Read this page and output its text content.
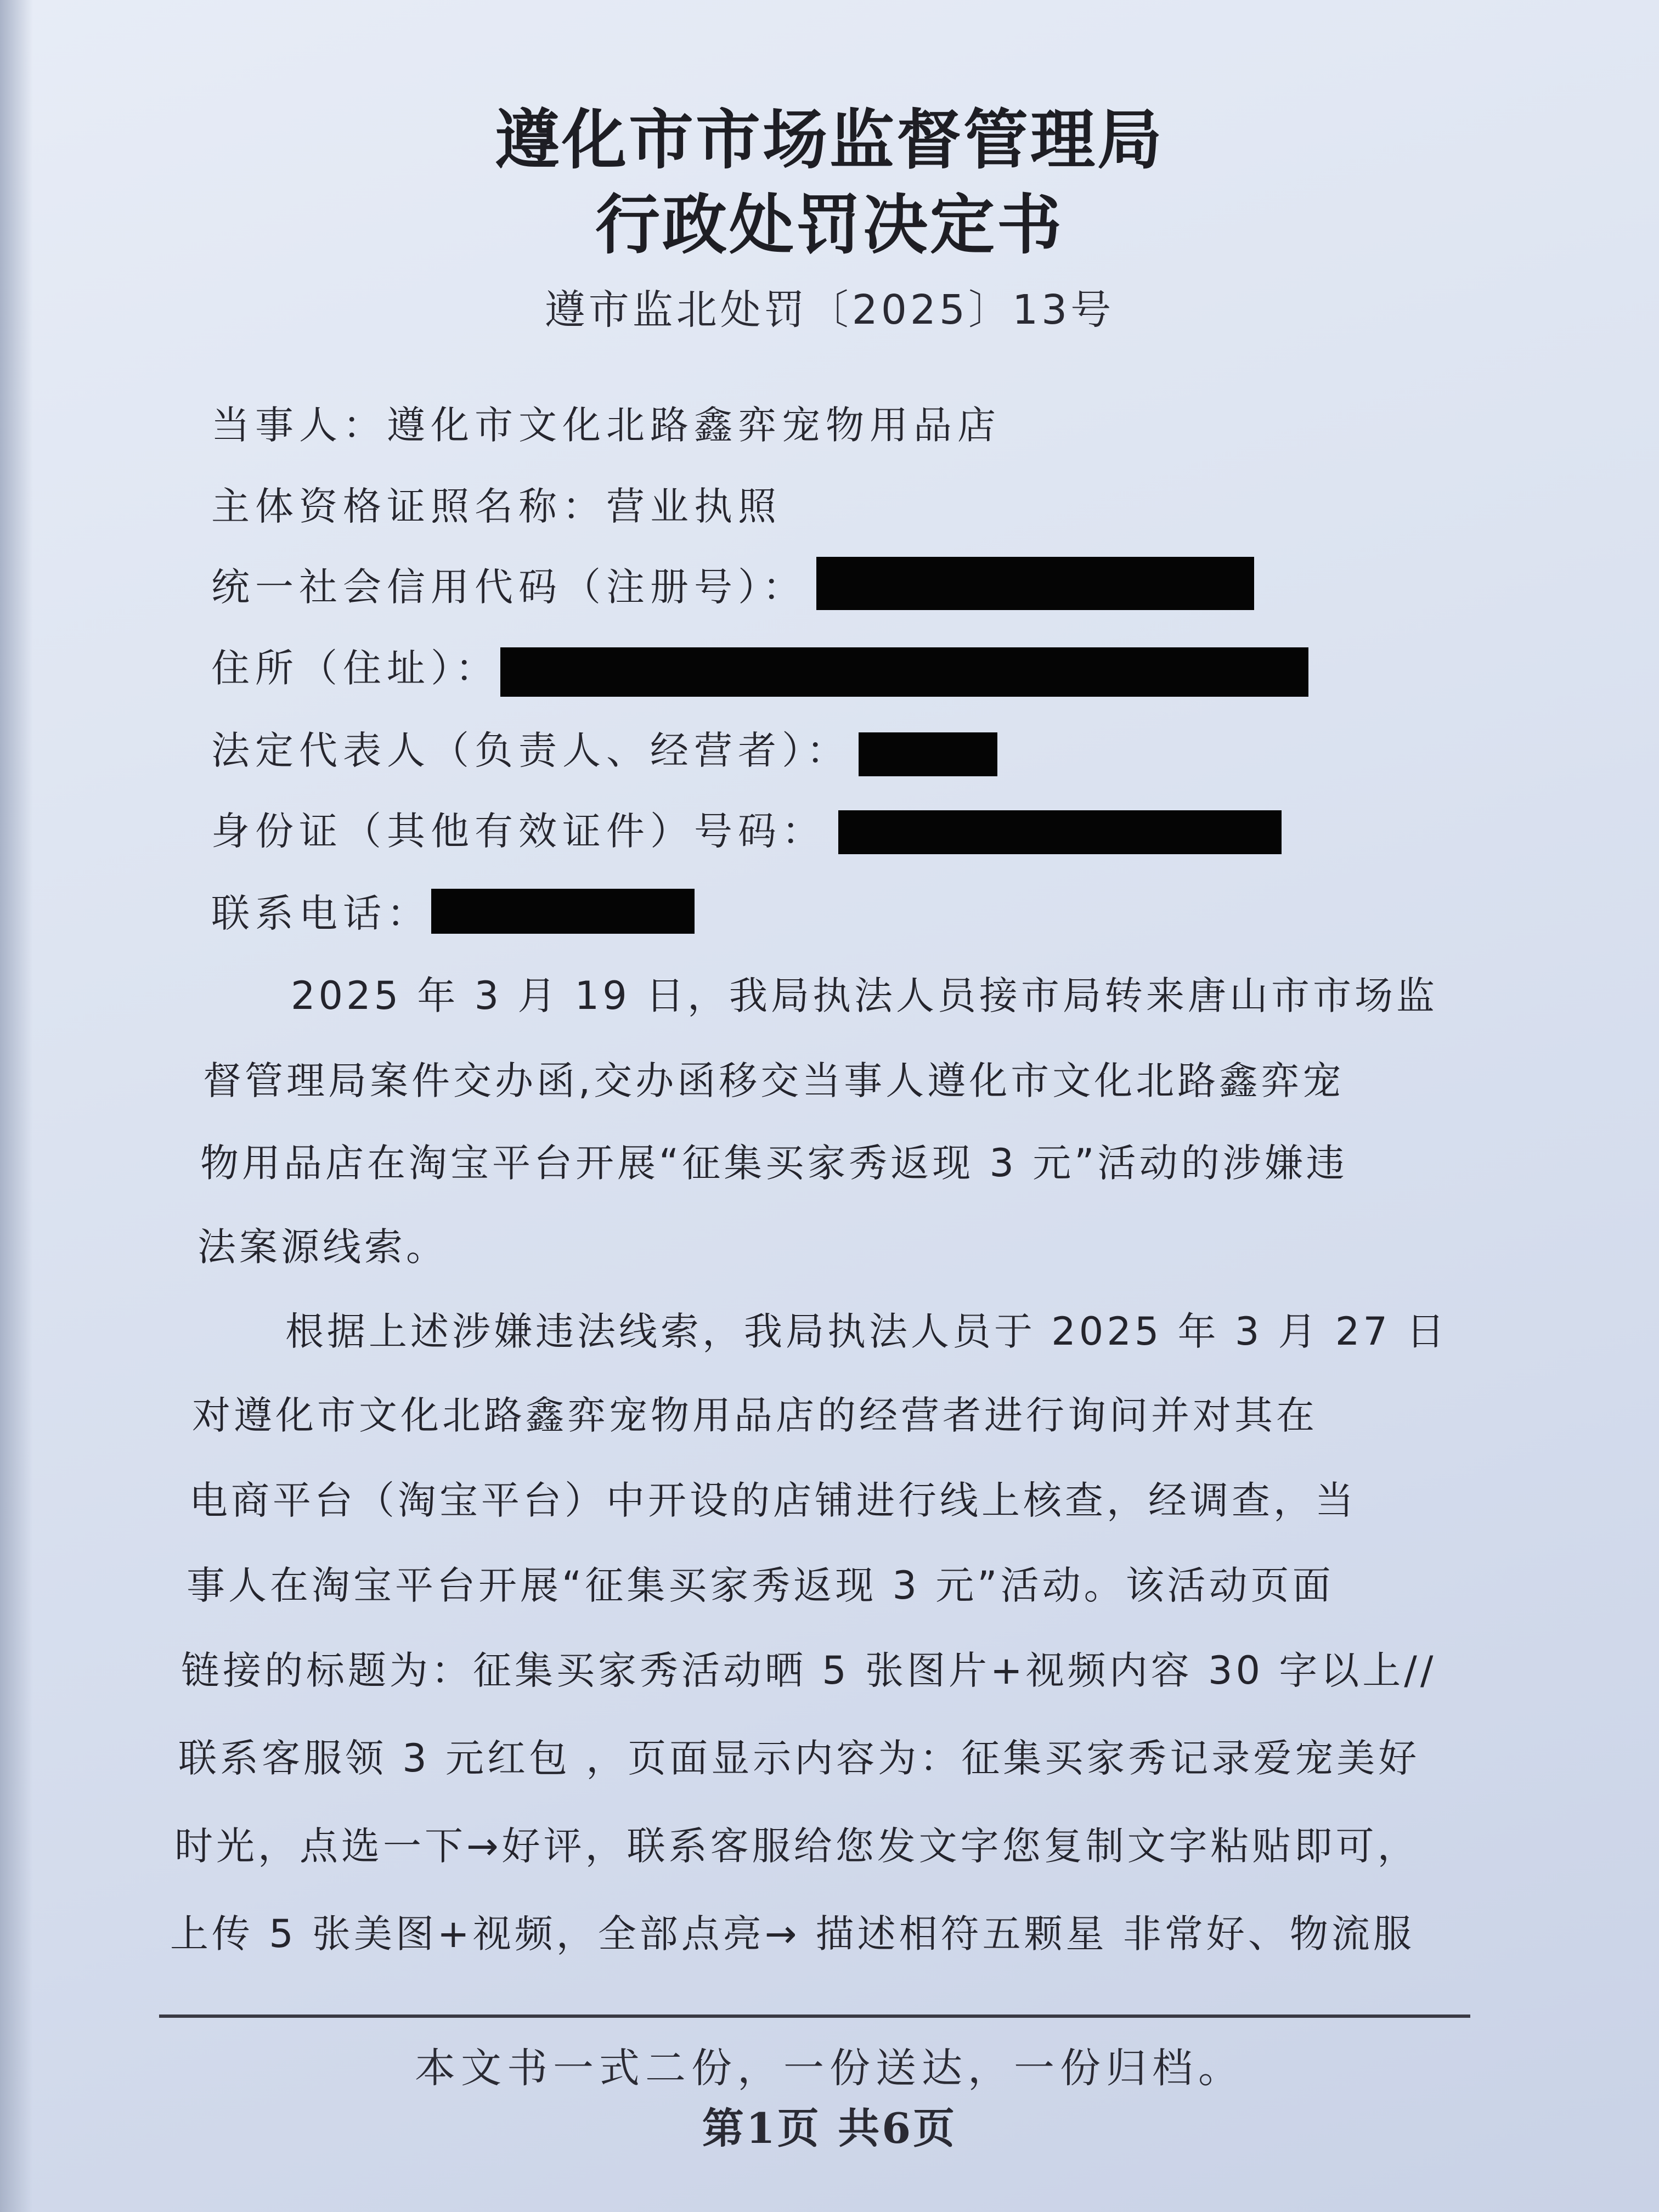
遵化市市场监督管理局
行政处罚决定书
遵市监北处罚〔2025〕13号
当事人：遵化市文化北路鑫弈宠物用品店
主体资格证照名称：营业执照
统一社会信用代码（注册号）：
住所（住址）：
法定代表人（负责人、经营者）：
身份证（其他有效证件）号码：
联系电话：
2025 年 3 月 19 日，我局执法人员接市局转来唐山市市场监
督管理局案件交办函,交办函移交当事人遵化市文化北路鑫弈宠
物用品店在淘宝平台开展“征集买家秀返现 3 元”活动的涉嫌违
法案源线索。
根据上述涉嫌违法线索，我局执法人员于 2025 年 3 月 27 日
对遵化市文化北路鑫弈宠物用品店的经营者进行询问并对其在
电商平台（淘宝平台）中开设的店铺进行线上核查，经调查，当
事人在淘宝平台开展“征集买家秀返现 3 元”活动。该活动页面
链接的标题为：征集买家秀活动晒 5 张图片+视频内容 30 字以上//
联系客服领 3 元红包 ，页面显示内容为：征集买家秀记录爱宠美好
时光，点选一下→好评，联系客服给您发文字您复制文字粘贴即可，
上传 5 张美图+视频，全部点亮→ 描述相符五颗星 非常好、物流服
本文书一式二份，一份送达，一份归档。
第1页 共6页
